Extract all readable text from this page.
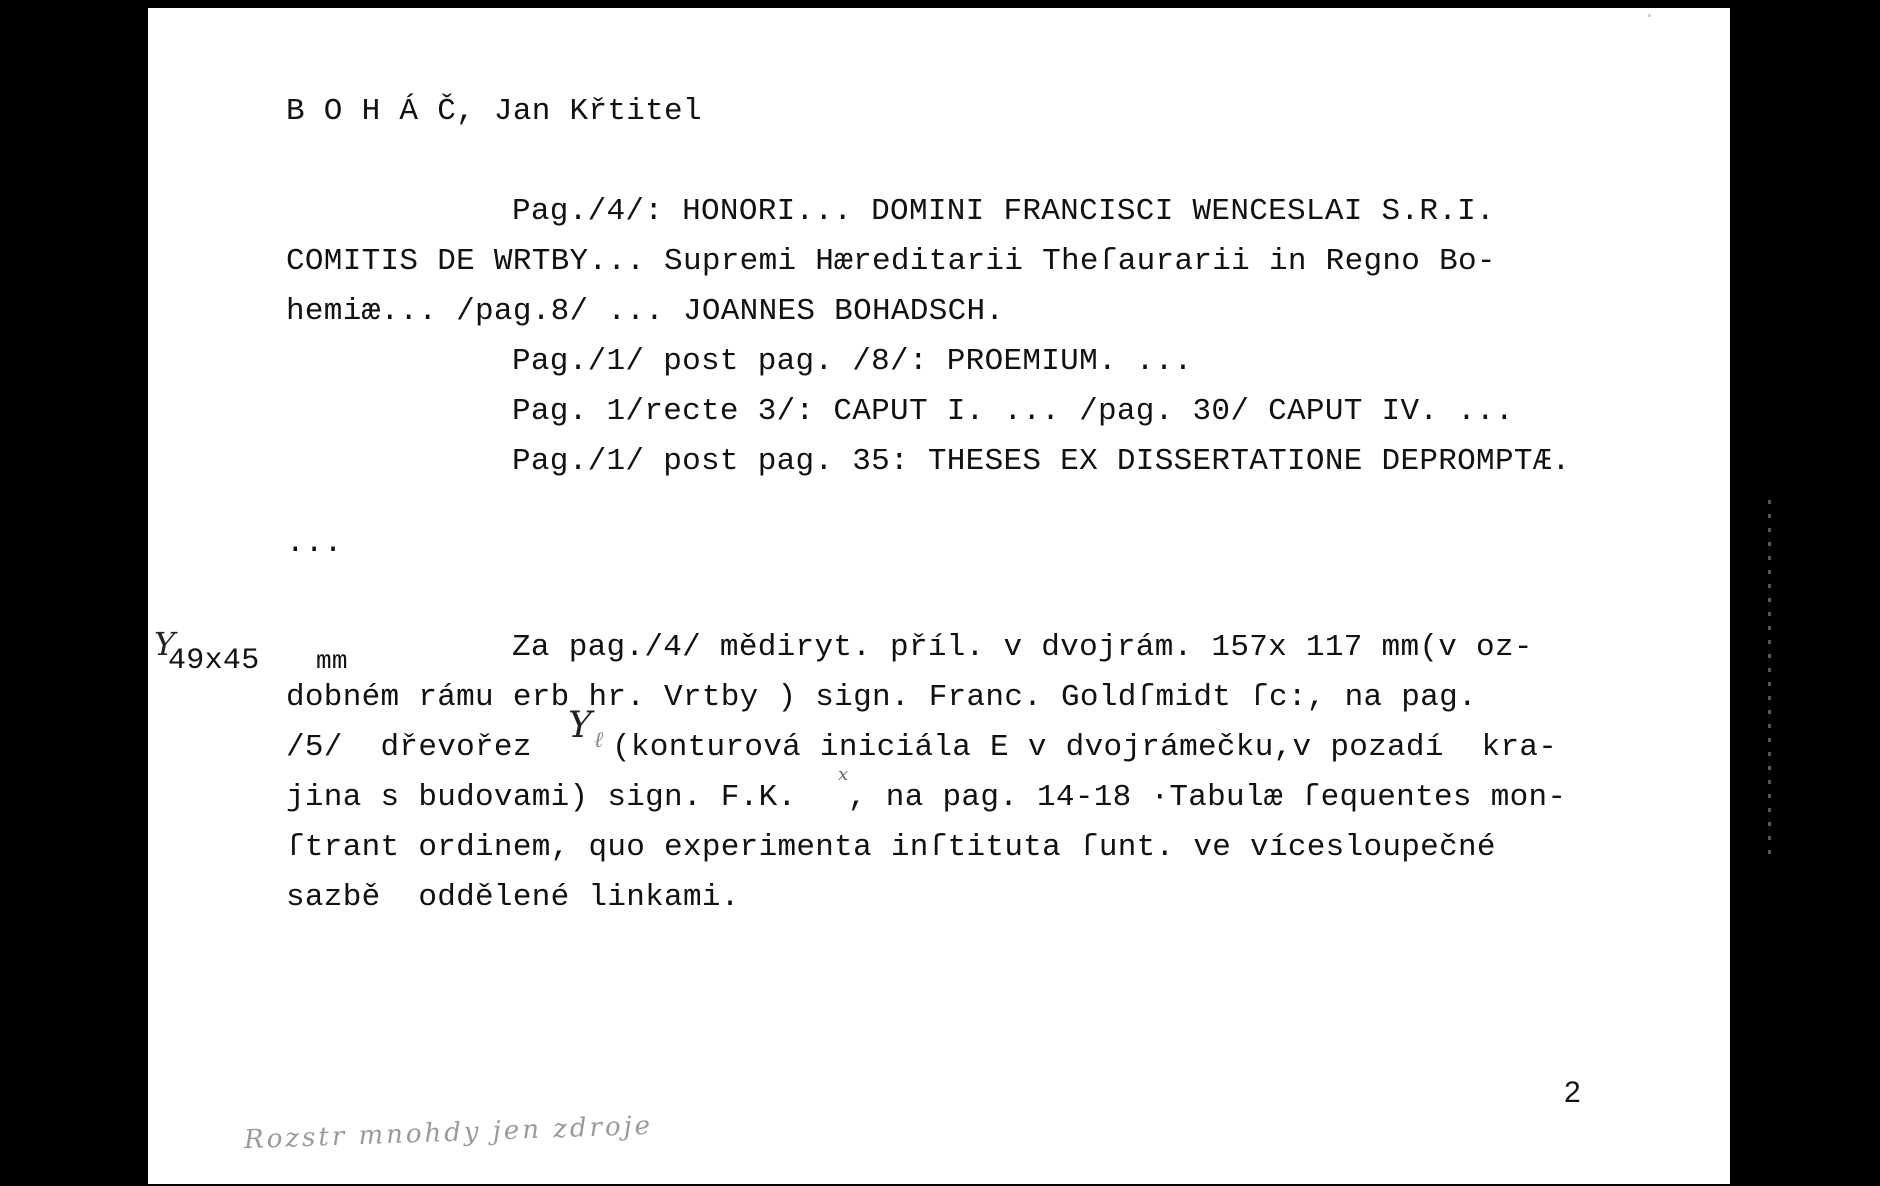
B O H Á Č, Jan Křtitel
Pag./4/: HONORI... DOMINI FRANCISCI WENCESLAI S.R.I.
COMITIS DE WRTBY... Supremi Hæreditarii Theſaurarii in Regno Bo-
hemiæ... /pag.8/ ... JOANNES BOHADSCH.
Pag./1/ post pag. /8/: PROEMIUM. ...
Pag. 1/recte 3/: CAPUT I. ... /pag. 30/ CAPUT IV. ...
Pag./1/ post pag. 35: THESES EX DISSERTATIONE DEPROMPTÆ.
...
Y
49x45 mm	Za pag./4/ mědiryt. příl. v dvojrám. 157x 117 mm(v oz-
dobném rámu erb hr. Vrtby ) sign. Franc. Goldſmidt ſc:, na pag.
/5/  dřevořez
Y ℓ (konturová iniciála E v dvojrámečku,v pozadí  kra-
jina s budovami) sign. F.K.
x
, na pag. 14-18 ·Tabulæ ſequentes mon-
ſtrant ordinem, quo experimenta inſtituta ſunt. ve vícesloupečné
sazbě  oddělené linkami.
2
Rozstr mnohdy jen zdroje
